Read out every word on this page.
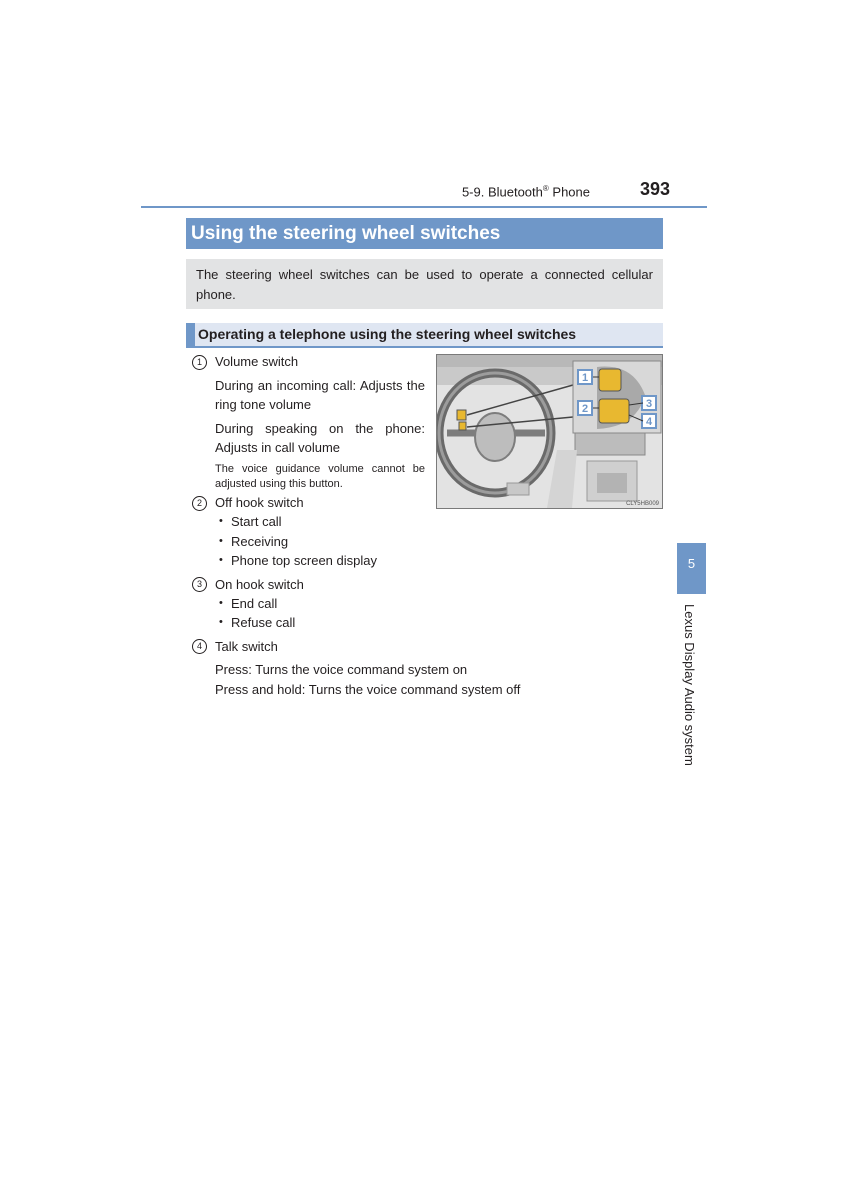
5-9. Bluetooth® Phone	393
Using the steering wheel switches
The steering wheel switches can be used to operate a connected cellular phone.
Operating a telephone using the steering wheel switches
1	Volume switch
During an incoming call: Adjusts the ring tone volume
During speaking on the phone: Adjusts in call volume
The voice guidance volume cannot be adjusted using this button.
2	Off hook switch
• Start call
• Receiving
• Phone top screen display
3	On hook switch
• End call
• Refuse call
4	Talk switch
Press: Turns the voice command system on
Press and hold: Turns the voice command system off
1
2	3
4
CLY5HB009
5
Lexus Display Audio system
